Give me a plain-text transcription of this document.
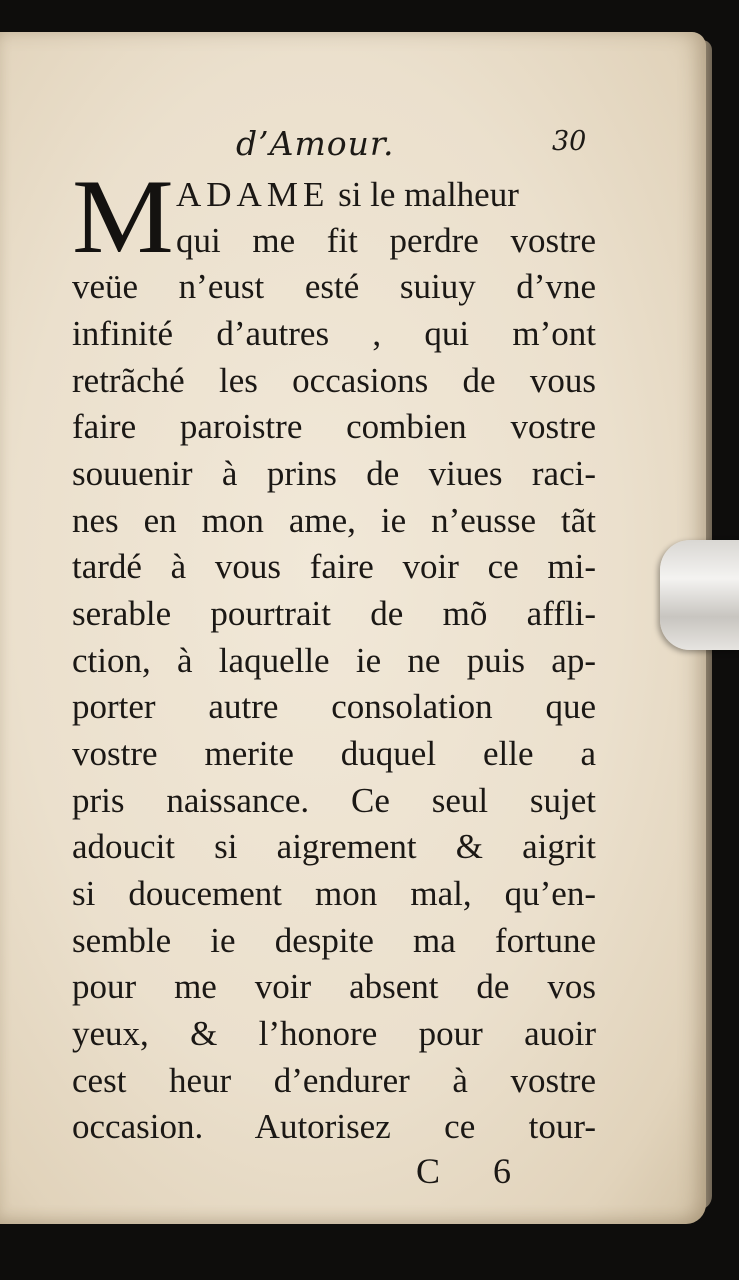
d’Amour.	30
M ADAME si le malheur
qui me fit perdre vostre
veüe n’eust esté suiuy d’vne
infinité d’autres , qui m’ont
retrãché les occasions de vous
faire paroistre combien vostre
souuenir à prins de viues raci-
nes en mon ame, ie n’eusse tãt
tardé à vous faire voir ce mi-
serable pourtrait de mõ affli-
ction, à laquelle ie ne puis ap-
porter autre consolation que
vostre merite duquel elle a
pris naissance. Ce seul sujet
adoucit si aigrement & aigrit
si doucement mon mal, qu’en-
semble ie despite ma fortune
pour me voir absent de vos
yeux, & l’honore pour auoir
cest heur d’endurer à vostre
occasion. Autorisez ce tour-
C 6
